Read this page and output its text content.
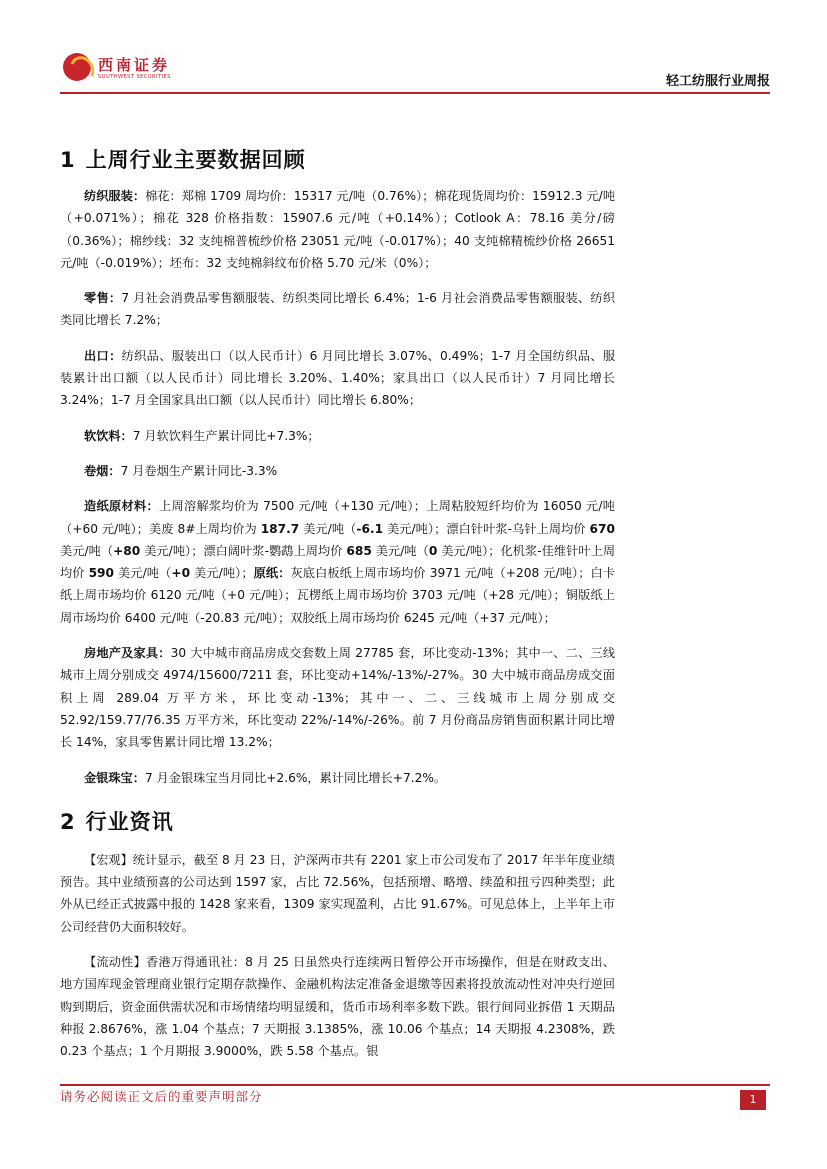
西南证券
SOUTHWEST SECURITIES	轻工纺服行业周报
1 上周行业主要数据回顾

纺织服装：棉花：郑棉 1709 周均价：15317 元/吨（0.76%）；棉花现货周均价：15912.3 元/吨（+0.071%）；棉花 328 价格指数：15907.6 元/吨（+0.14%）；Cotlook A：78.16 美分/磅（0.36%）；棉纱线：32 支纯棉普梳纱价格 23051 元/吨（-0.017%）；40 支纯棉精梳纱价格 26651 元/吨（-0.019%）；坯布：32 支纯棉斜纹布价格 5.70 元/米（0%）；

零售：7 月社会消费品零售额服装、纺织类同比增长 6.4%；1-6 月社会消费品零售额服装、纺织类同比增长 7.2%；

出口：纺织品、服装出口（以人民币计）6 月同比增长 3.07%、0.49%；1-7 月全国纺织品、服装累计出口额（以人民币计）同比增长 3.20%、1.40%；家具出口（以人民币计）7 月同比增长 3.24%；1-7 月全国家具出口额（以人民币计）同比增长 6.80%；

软饮料：7 月软饮料生产累计同比+7.3%；

卷烟：7 月卷烟生产累计同比-3.3%

造纸原材料：上周溶解浆均价为 7500 元/吨（+130 元/吨）；上周粘胶短纤均价为 16050 元/吨（+60 元/吨）；美废 8#上周均价为 187.7 美元/吨（-6.1 美元/吨）；漂白针叶浆-乌针上周均价 670 美元/吨（+80 美元/吨）；漂白阔叶浆-鹦鹉上周均价 685 美元/吨（0 美元/吨）；化机浆-佳维针叶上周均价 590 美元/吨（+0 美元/吨）；原纸：灰底白板纸上周市场均价 3971 元/吨（+208 元/吨）；白卡纸上周市场均价 6120 元/吨（+0 元/吨）；瓦楞纸上周市场均价 3703 元/吨（+28 元/吨）；铜版纸上周市场均价 6400 元/吨（-20.83 元/吨）；双胶纸上周市场均价 6245 元/吨（+37 元/吨）；

房地产及家具：30 大中城市商品房成交套数上周 27785 套，环比变动-13%；其中一、二、三线城市上周分别成交 4974/15600/7211 套，环比变动+14%/-13%/-27%。30 大中城市商品房成交面积上周 289.04 万平方米，环比变动-13%；其中一、二、三线城市上周分别成交 52.92/159.77/76.35 万平方米，环比变动 22%/-14%/-26%。前 7 月份商品房销售面积累计同比增长 14%，家具零售累计同比增 13.2%；

金银珠宝：7 月金银珠宝当月同比+2.6%，累计同比增长+7.2%。

2 行业资讯

【宏观】统计显示，截至 8 月 23 日，沪深两市共有 2201 家上市公司发布了 2017 年半年度业绩预告。其中业绩预喜的公司达到 1597 家，占比 72.56%，包括预增、略增、续盈和扭亏四种类型；此外从已经正式披露中报的 1428 家来看，1309 家实现盈利，占比 91.67%。可见总体上，上半年上市公司经营仍大面积较好。

【流动性】香港万得通讯社：8 月 25 日虽然央行连续两日暂停公开市场操作，但是在财政支出、地方国库现金管理商业银行定期存款操作、金融机构法定准备金退缴等因素将投放流动性对冲央行逆回购到期后，资金面供需状况和市场情绪均明显缓和，货币市场利率多数下跌。银行间同业拆借 1 天期品种报 2.8676%，涨 1.04 个基点；7 天期报 3.1385%，涨 10.06 个基点；14 天期报 4.2308%，跌 0.23 个基点；1 个月期报 3.9000%，跌 5.58 个基点。银

请务必阅读正文后的重要声明部分	1
